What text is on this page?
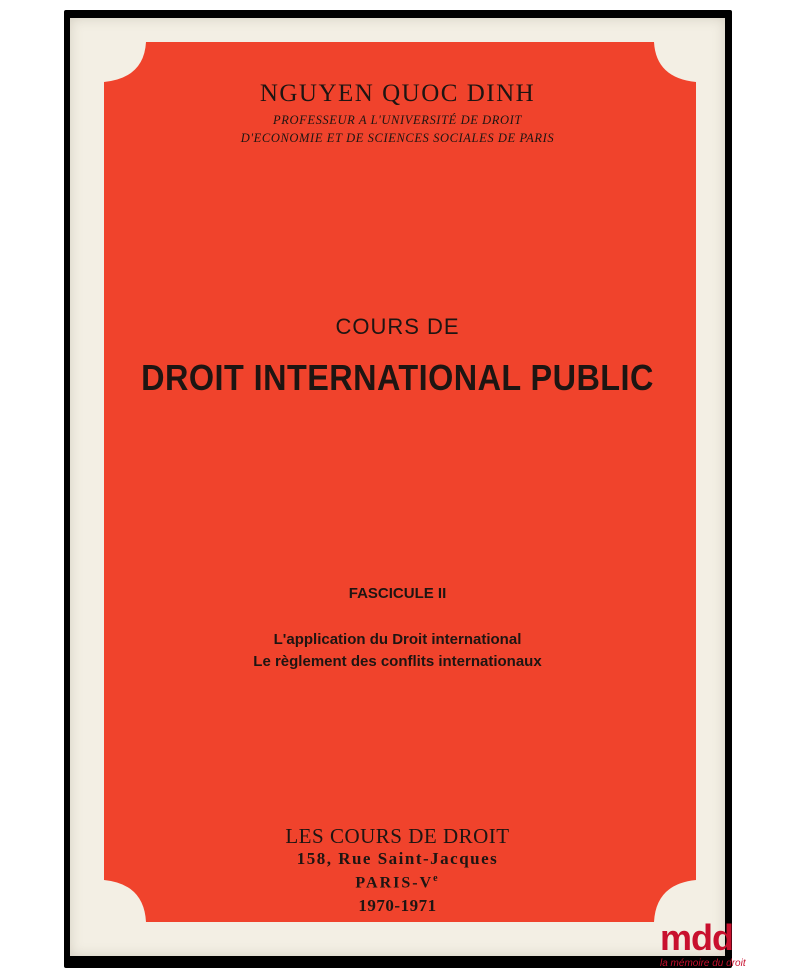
NGUYEN QUOC DINH
PROFESSEUR A L'UNIVERSITÉ DE DROIT
D'ECONOMIE ET DE SCIENCES SOCIALES DE PARIS
COURS DE
DROIT INTERNATIONAL PUBLIC
FASCICULE II
L'application du Droit international
Le règlement des conflits internationaux
LES COURS DE DROIT
158, Rue Saint-Jacques
PARIS-Ve
1970-1971
mdd
la mémoire du droit
